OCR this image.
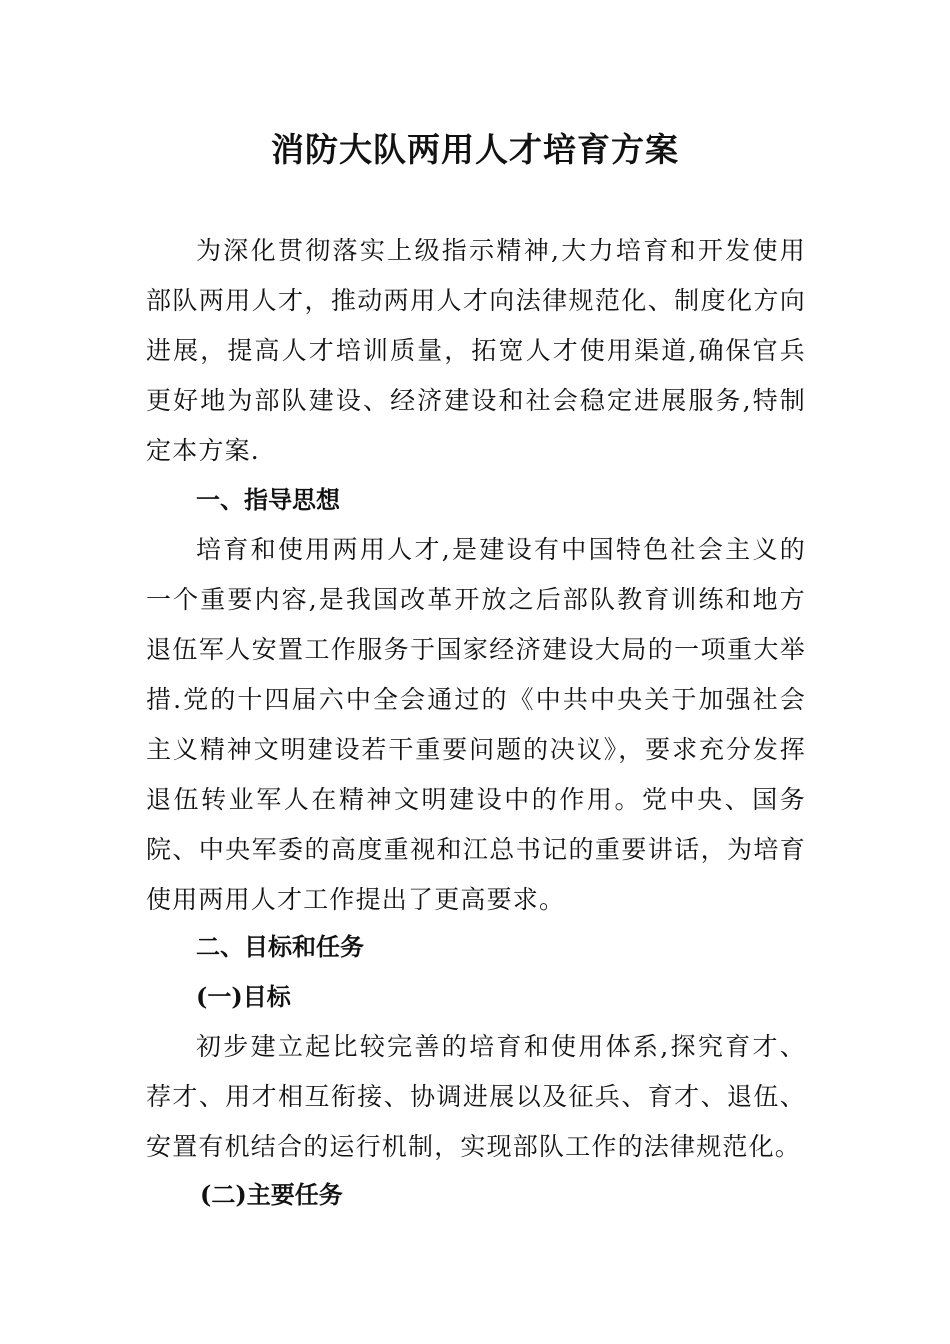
消防大队两用人才培育方案

为深化贯彻落实上级指示精神,大力培育和开发使用部队两用人才，推动两用人才向法律规范化、制度化方向进展，提高人才培训质量，拓宽人才使用渠道,确保官兵更好地为部队建设、经济建设和社会稳定进展服务,特制定本方案.

一、指导思想

培育和使用两用人才,是建设有中国特色社会主义的一个重要内容,是我国改革开放之后部队教育训练和地方退伍军人安置工作服务于国家经济建设大局的一项重大举措.党的十四届六中全会通过的《中共中央关于加强社会主义精神文明建设若干重要问题的决议》，要求充分发挥退伍转业军人在精神文明建设中的作用。党中央、国务院、中央军委的高度重视和江总书记的重要讲话，为培育使用两用人才工作提出了更高要求。

二、目标和任务
(一)目标

初步建立起比较完善的培育和使用体系,探究育才、荐才、用才相互衔接、协调进展以及征兵、育才、退伍、安置有机结合的运行机制，实现部队工作的法律规范化。

(二)主要任务
